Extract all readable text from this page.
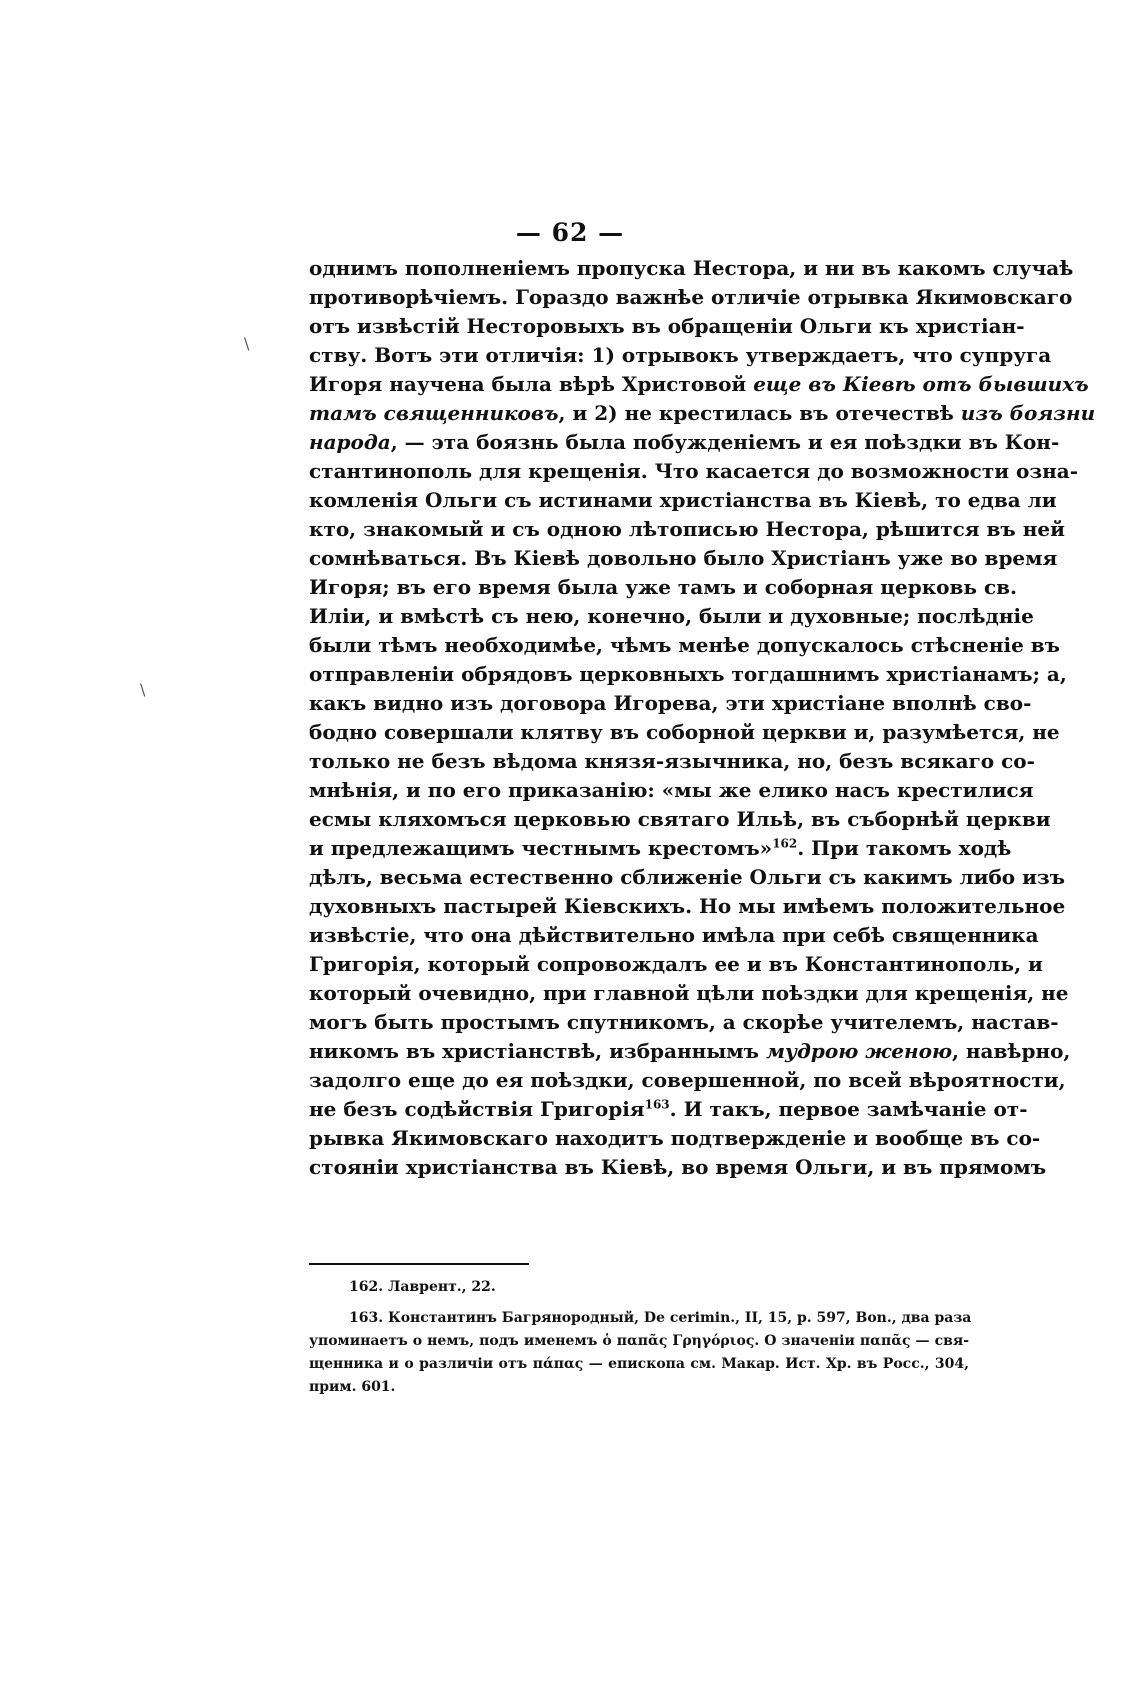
\
\
— 62 —
однимъ пополненіемъ пропуска Нестора, и ни въ какомъ случаѣ
противорѣчіемъ. Гораздо важнѣе отличіе отрывка Якимовскаго
отъ извѣстій Несторовыхъ въ обращеніи Ольги къ христіан-
ству. Вотъ эти отличія: 1) отрывокъ утверждаетъ, что супруга
Игоря научена была вѣрѣ Христовой еще въ Кіевѣ отъ бывшихъ
тамъ священниковъ, и 2) не крестилась въ отечествѣ изъ боязни
народа, — эта боязнь была побужденіемъ и ея поѣздки въ Кон-
стантинополь для крещенія. Что касается до возможности озна-
комленія Ольги съ истинами христіанства въ Кіевѣ, то едва ли
кто, знакомый и съ одною лѣтописью Нестора, рѣшится въ ней
сомнѣваться. Въ Кіевѣ довольно было Христіанъ уже во время
Игоря; въ его время была уже тамъ и соборная церковь св.
Иліи, и вмѣстѣ съ нею, конечно, были и духовные; послѣдніе
были тѣмъ необходимѣе, чѣмъ менѣе допускалось стѣсненіе въ
отправленіи обрядовъ церковныхъ тогдашнимъ христіанамъ; а,
какъ видно изъ договора Игорева, эти христіане вполнѣ сво-
бодно совершали клятву въ соборной церкви и, разумѣется, не
только не безъ вѣдома князя-язычника, но, безъ всякаго со-
мнѣнія, и по его приказанію: «мы же елико насъ крестилися
есмы кляхомъся церковью святаго Ильѣ, въ съборнѣй церкви
и предлежащимъ честнымъ крестомъ»$^{162}$. При такомъ ходѣ
дѣлъ, весьма естественно сближеніе Ольги съ какимъ либо изъ
духовныхъ пастырей Кіевскихъ. Но мы имѣемъ положительное
извѣстіе, что она дѣйствительно имѣла при себѣ священника
Григорія, который сопровождалъ ее и въ Константинополь, и
который очевидно, при главной цѣли поѣздки для крещенія, не
могъ быть простымъ спутникомъ, а скорѣе учителемъ, настав-
никомъ въ христіанствѣ, избраннымъ мудрою женою, навѣрно,
задолго еще до ея поѣздки, совершенной, по всей вѣроятности,
не безъ содѣйствія Григорія$^{163}$. И такъ, первое замѣчаніе от-
рывка Якимовскаго находитъ подтвержденіе и вообще въ со-
стояніи христіанства въ Кіевѣ, во время Ольги, и въ прямомъ
162. Лаврент., 22.
163. Константинъ Багрянородный, De cerimin., II, 15, p. 597, Bon., два раза
упоминаетъ о немъ, подъ именемъ ὁ παπᾶς Γρηγόριος. О значеніи παπᾶς — свя-
щенника и о различіи отъ πάπας — епископа см. Макар. Ист. Хр. въ Росс., 304,
прим. 601.
